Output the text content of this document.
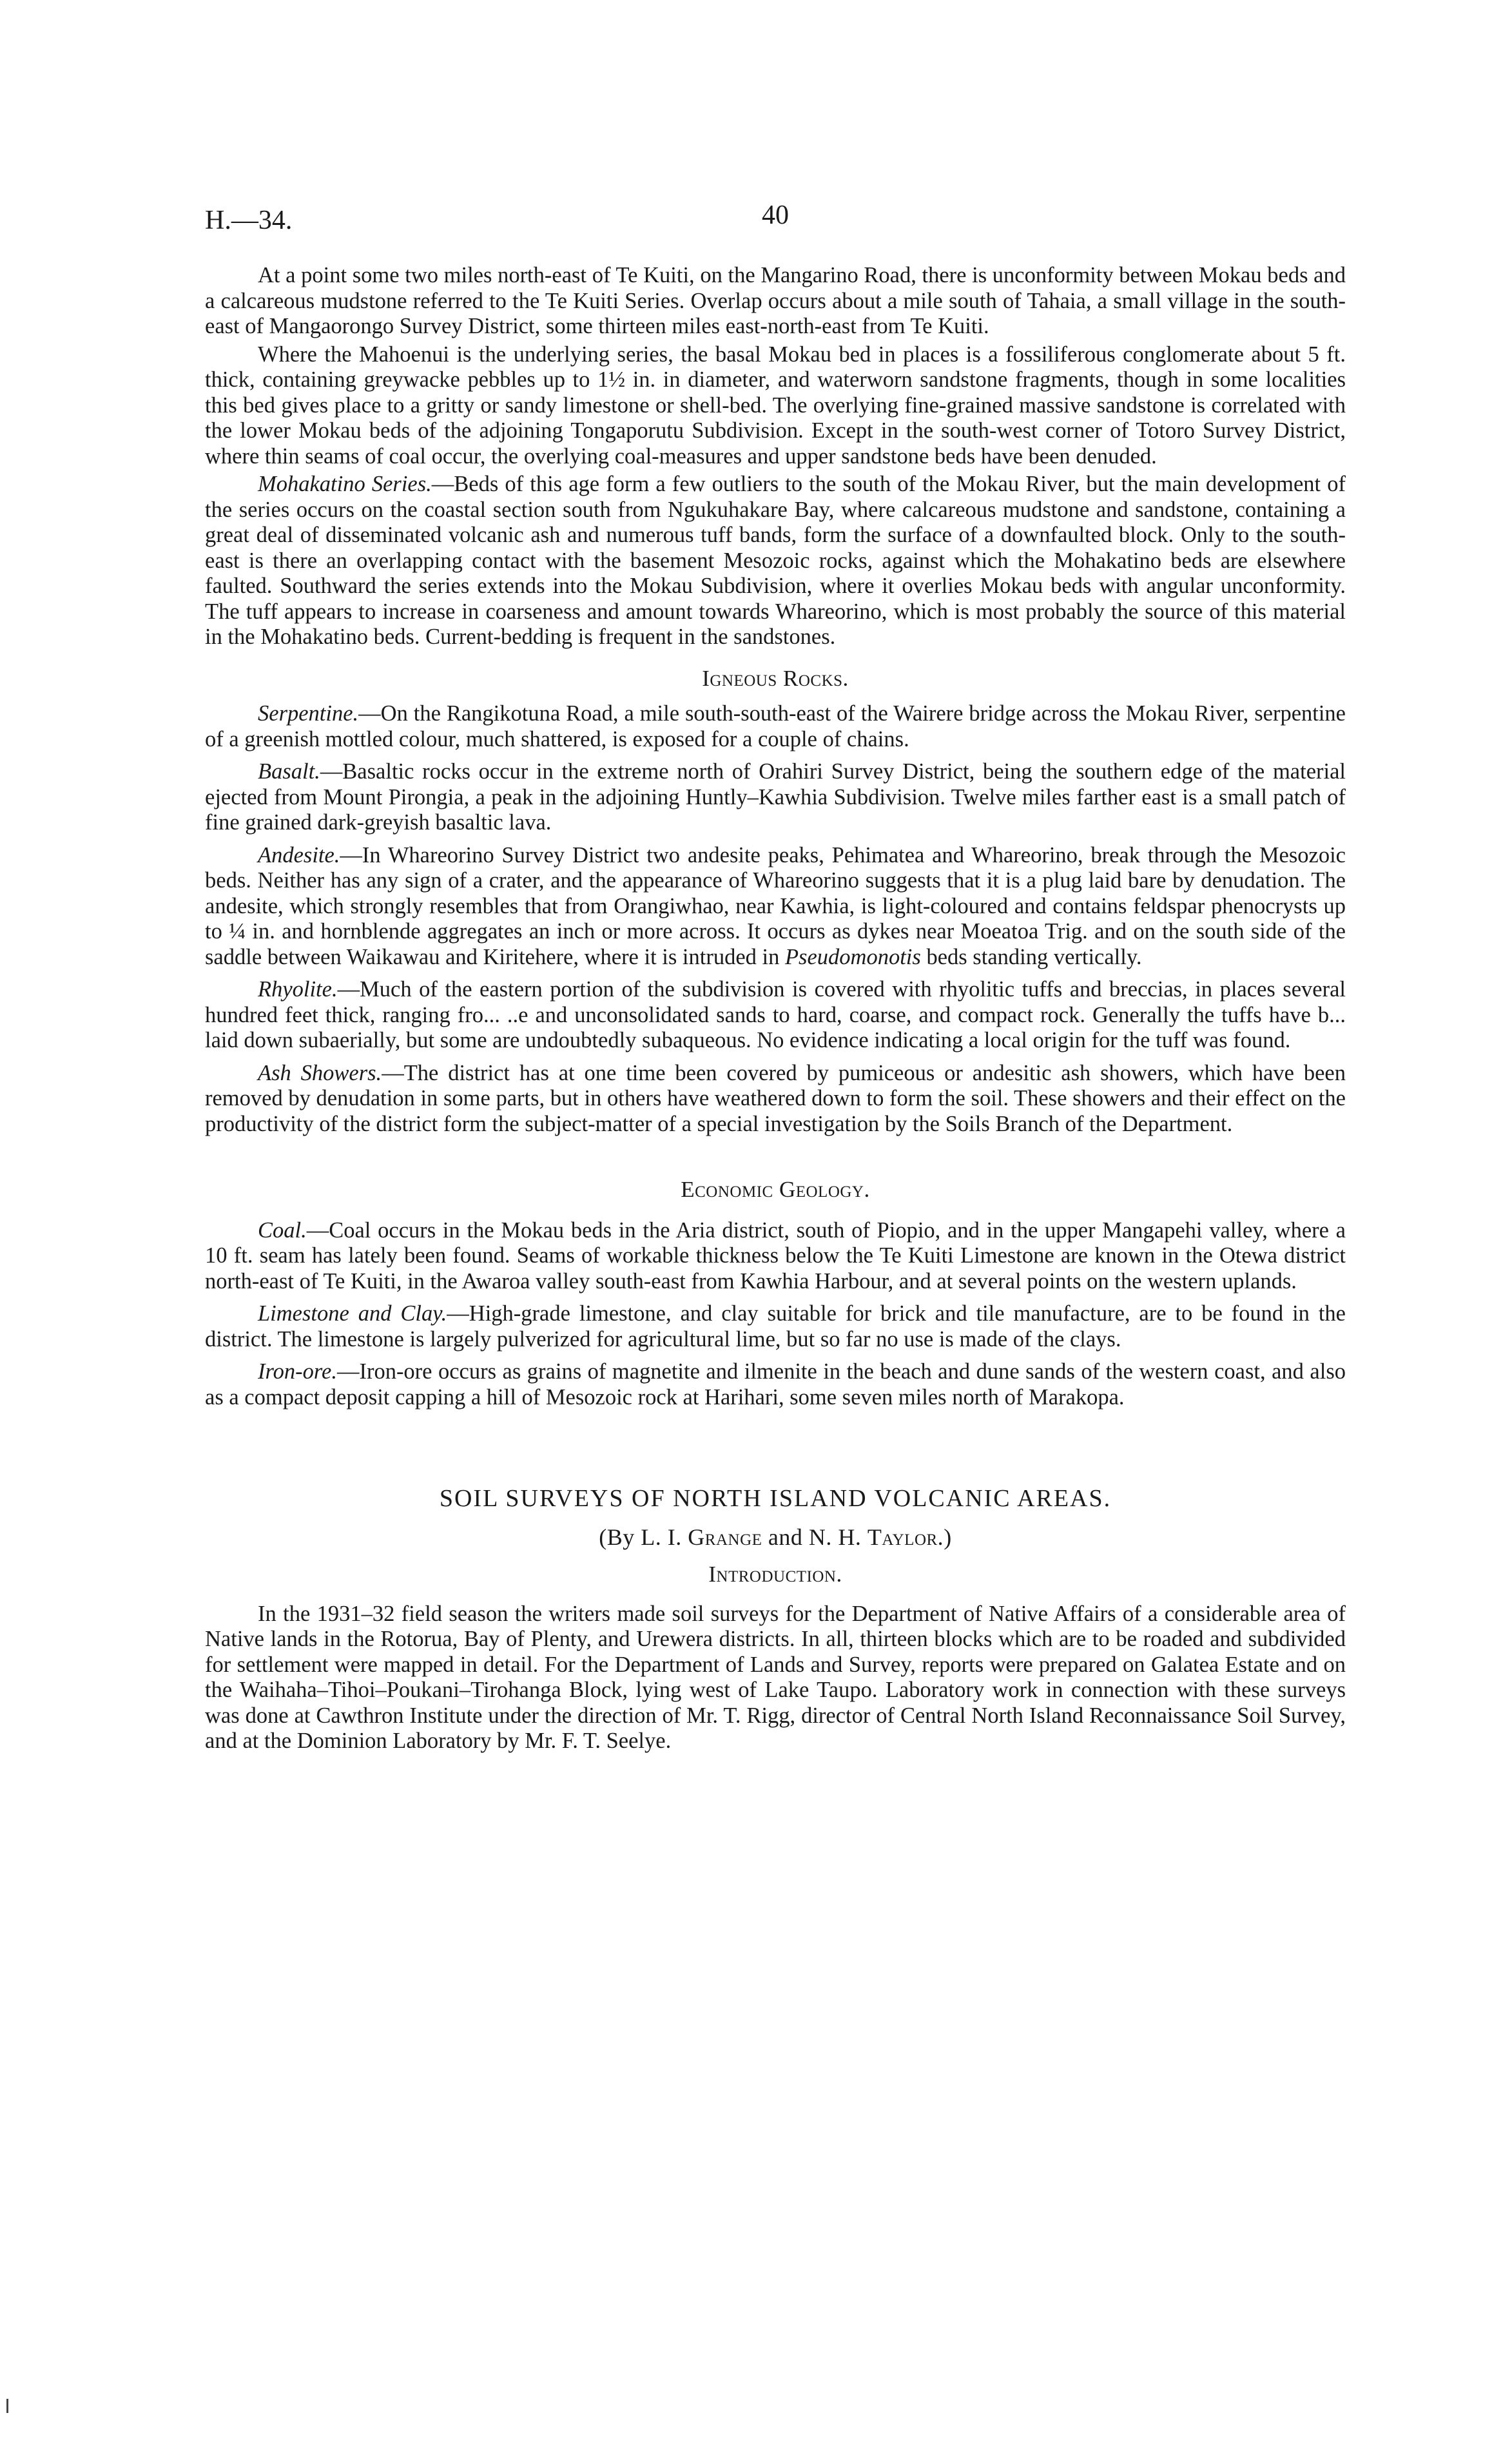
H.—34.	40

At a point some two miles north-east of Te Kuiti, on the Mangarino Road, there is unconformity between Mokau beds and a calcareous mudstone referred to the Te Kuiti Series. Overlap occurs about a mile south of Tahaia, a small village in the south-east of Mangaorongo Survey District, some thirteen miles east-north-east from Te Kuiti.

Where the Mahoenui is the underlying series, the basal Mokau bed in places is a fossiliferous conglomerate about 5 ft. thick, containing greywacke pebbles up to 1½ in. in diameter, and waterworn sandstone fragments, though in some localities this bed gives place to a gritty or sandy limestone or shell-bed. The overlying fine-grained massive sandstone is correlated with the lower Mokau beds of the adjoining Tongaporutu Subdivision. Except in the south-west corner of Totoro Survey District, where thin seams of coal occur, the overlying coal-measures and upper sandstone beds have been denuded.

Mohakatino Series.—Beds of this age form a few outliers to the south of the Mokau River, but the main development of the series occurs on the coastal section south from Ngukuhakare Bay, where calcareous mudstone and sandstone, containing a great deal of disseminated volcanic ash and numerous tuff bands, form the surface of a downfaulted block. Only to the south-east is there an overlapping contact with the basement Mesozoic rocks, against which the Mohakatino beds are elsewhere faulted. Southward the series extends into the Mokau Subdivision, where it overlies Mokau beds with angular unconformity. The tuff appears to increase in coarseness and amount towards Whareorino, which is most probably the source of this material in the Mohakatino beds. Current-bedding is frequent in the sandstones.

Igneous Rocks.

Serpentine.—On the Rangikotuna Road, a mile south-south-east of the Wairere bridge across the Mokau River, serpentine of a greenish mottled colour, much shattered, is exposed for a couple of chains.

Basalt.—Basaltic rocks occur in the extreme north of Orahiri Survey District, being the southern edge of the material ejected from Mount Pirongia, a peak in the adjoining Huntly–Kawhia Subdivision. Twelve miles farther east is a small patch of fine grained dark-greyish basaltic lava.

Andesite.—In Whareorino Survey District two andesite peaks, Pehimatea and Whareorino, break through the Mesozoic beds. Neither has any sign of a crater, and the appearance of Whareorino suggests that it is a plug laid bare by denudation. The andesite, which strongly resembles that from Orangiwhao, near Kawhia, is light-coloured and contains feldspar phenocrysts up to ¼ in. and hornblende aggregates an inch or more across. It occurs as dykes near Moeatoa Trig. and on the south side of the saddle between Waikawau and Kiritehere, where it is intruded in Pseudomonotis beds standing vertically.

Rhyolite.—Much of the eastern portion of the subdivision is covered with rhyolitic tuffs and breccias, in places several hundred feet thick, ranging fro... ..e and unconsolidated sands to hard, coarse, and compact rock. Generally the tuffs have b... laid down subaerially, but some are undoubtedly subaqueous. No evidence indicating a local origin for the tuff was found.

Ash Showers.—The district has at one time been covered by pumiceous or andesitic ash showers, which have been removed by denudation in some parts, but in others have weathered down to form the soil. These showers and their effect on the productivity of the district form the subject-matter of a special investigation by the Soils Branch of the Department.

Economic Geology.

Coal.—Coal occurs in the Mokau beds in the Aria district, south of Piopio, and in the upper Mangapehi valley, where a 10 ft. seam has lately been found. Seams of workable thickness below the Te Kuiti Limestone are known in the Otewa district north-east of Te Kuiti, in the Awaroa valley south-east from Kawhia Harbour, and at several points on the western uplands.

Limestone and Clay.—High-grade limestone, and clay suitable for brick and tile manufacture, are to be found in the district. The limestone is largely pulverized for agricultural lime, but so far no use is made of the clays.

Iron-ore.—Iron-ore occurs as grains of magnetite and ilmenite in the beach and dune sands of the western coast, and also as a compact deposit capping a hill of Mesozoic rock at Harihari, some seven miles north of Marakopa.

SOIL SURVEYS OF NORTH ISLAND VOLCANIC AREAS.

(By L. I. Grange and N. H. Taylor.)

Introduction.

In the 1931–32 field season the writers made soil surveys for the Department of Native Affairs of a considerable area of Native lands in the Rotorua, Bay of Plenty, and Urewera districts. In all, thirteen blocks which are to be roaded and subdivided for settlement were mapped in detail. For the Department of Lands and Survey, reports were prepared on Galatea Estate and on the Waihaha–Tihoi–Poukani–Tirohanga Block, lying west of Lake Taupo. Laboratory work in connection with these surveys was done at Cawthron Institute under the direction of Mr. T. Rigg, director of Central North Island Reconnaissance Soil Survey, and at the Dominion Laboratory by Mr. F. T. Seelye.
